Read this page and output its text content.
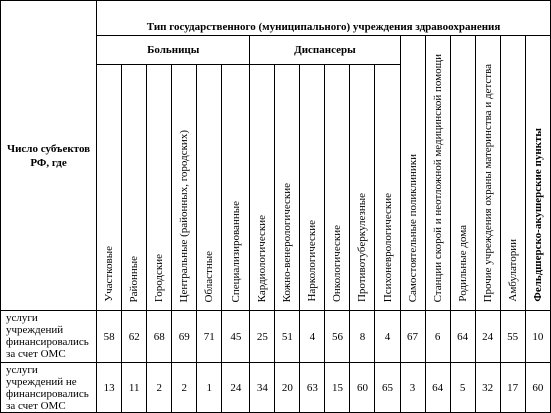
Число субъектов РФ, где	Тип государственного (муниципального) учреждения здравоохранения																	
	Больницы						Диспансеры						Самостоятельные поликлиники	Станции скорой и неотложной медицинской помощи	Родильные дома	Прочие учреждения охраны материнства и детства	Амбулатории	Фельдшерско-акушерские пункты

	Участковые	Районные	Городские	Центральные (районных, городских)	Областные	Специализированные	Кардиологические	Кожно-венерологические	Наркологические	Онкологические	Противотуберкулезные	Психоневрологические						

услуги учреждений финансировались за счет ОМС	58	62	68	69	71	45	25	51	4	56	8	4	67	6	64	24	55	10
услуги учреждений не финансировались за счет ОМС	13	11	2	2	1	24	34	20	63	15	60	65	3	64	5	32	17	60
